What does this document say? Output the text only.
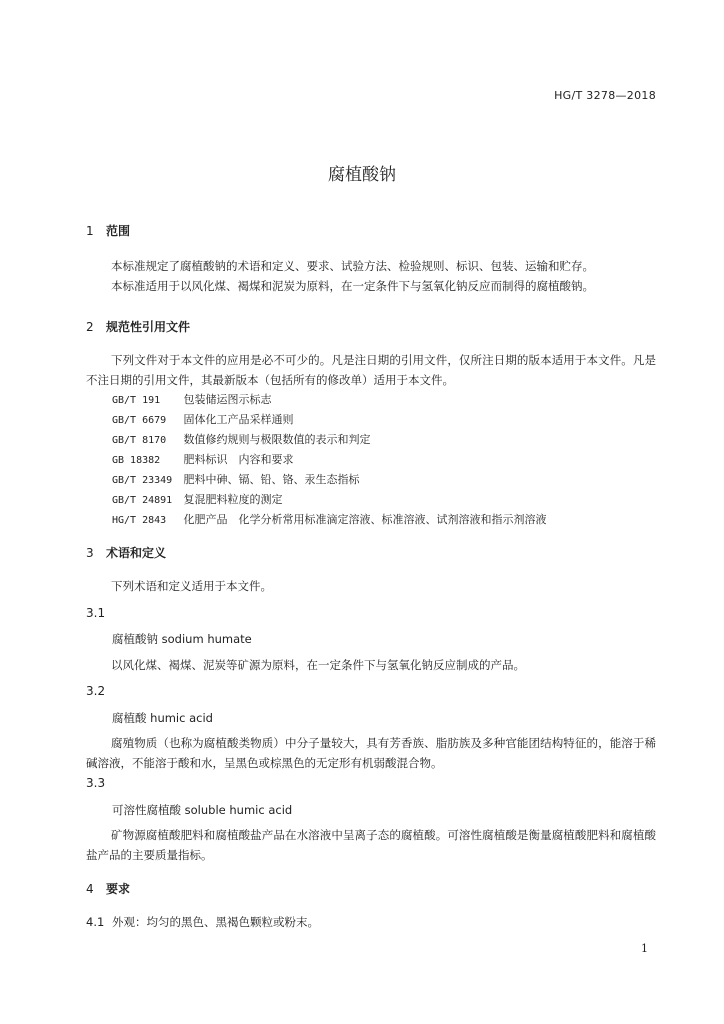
HG/T 3278—2018
腐植酸钠
1 范围
本标准规定了腐植酸钠的术语和定义、要求、试验方法、检验规则、标识、包装、运输和贮存。
本标准适用于以风化煤、褐煤和泥炭为原料，在一定条件下与氢氧化钠反应而制得的腐植酸钠。
2 规范性引用文件
下列文件对于本文件的应用是必不可少的。凡是注日期的引用文件，仅所注日期的版本适用于本文件。凡是不注日期的引用文件，其最新版本（包括所有的修改单）适用于本文件。
GB/T 191 包装储运图示标志
GB/T 6679 固体化工产品采样通则
GB/T 8170 数值修约规则与极限数值的表示和判定
GB 18382 肥料标识　内容和要求
GB/T 23349 肥料中砷、镉、铅、铬、汞生态指标
GB/T 24891 复混肥料粒度的测定
HG/T 2843 化肥产品　化学分析常用标准滴定溶液、标准溶液、试剂溶液和指示剂溶液
3 术语和定义
下列术语和定义适用于本文件。
3.1
腐植酸钠 sodium humate
以风化煤、褐煤、泥炭等矿源为原料，在一定条件下与氢氧化钠反应制成的产品。
3.2
腐植酸 humic acid
腐殖物质（也称为腐植酸类物质）中分子量较大，具有芳香族、脂肪族及多种官能团结构特征的，能溶于稀碱溶液，不能溶于酸和水，呈黑色或棕黑色的无定形有机弱酸混合物。
3.3
可溶性腐植酸 soluble humic acid
矿物源腐植酸肥料和腐植酸盐产品在水溶液中呈离子态的腐植酸。可溶性腐植酸是衡量腐植酸肥料和腐植酸盐产品的主要质量指标。
4 要求
4.1 外观：均匀的黑色、黑褐色颗粒或粉末。
1
